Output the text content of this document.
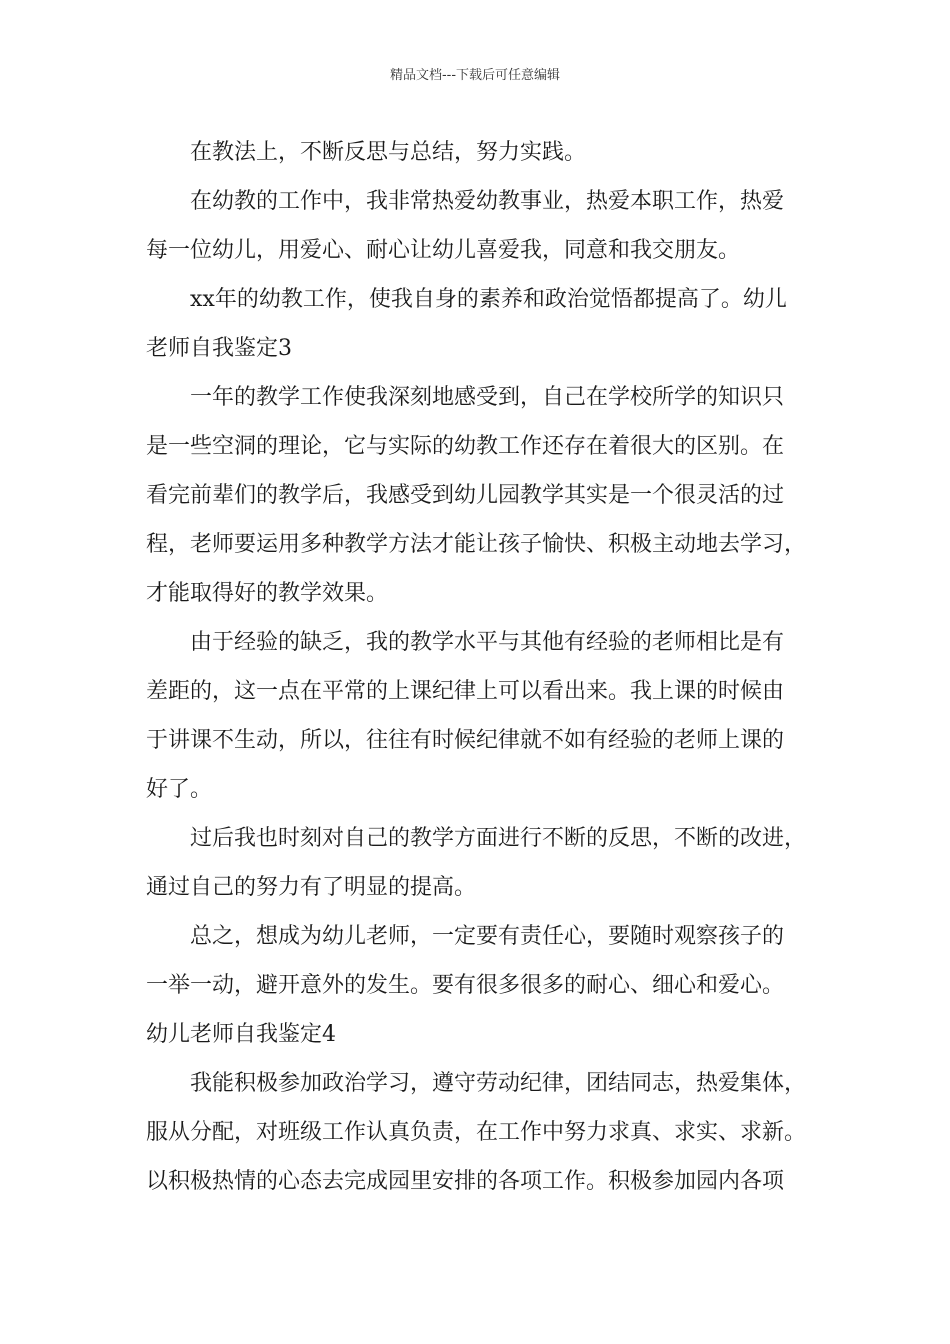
精品文档---下载后可任意编辑
在教法上，不断反思与总结，努力实践。
在幼教的工作中，我非常热爱幼教事业，热爱本职工作，热爱
每一位幼儿，用爱心、耐心让幼儿喜爱我，同意和我交朋友。
xx年的幼教工作，使我自身的素养和政治觉悟都提高了。幼儿
老师自我鉴定3
一年的教学工作使我深刻地感受到，自己在学校所学的知识只
是一些空洞的理论，它与实际的幼教工作还存在着很大的区别。在
看完前辈们的教学后，我感受到幼儿园教学其实是一个很灵活的过
程，老师要运用多种教学方法才能让孩子愉快、积极主动地去学习，
才能取得好的教学效果。
由于经验的缺乏，我的教学水平与其他有经验的老师相比是有
差距的，这一点在平常的上课纪律上可以看出来。我上课的时候由
于讲课不生动，所以，往往有时候纪律就不如有经验的老师上课的
好了。
过后我也时刻对自己的教学方面进行不断的反思，不断的改进，
通过自己的努力有了明显的提高。
总之，想成为幼儿老师，一定要有责任心，要随时观察孩子的
一举一动，避开意外的发生。要有很多很多的耐心、细心和爱心。
幼儿老师自我鉴定4
我能积极参加政治学习，遵守劳动纪律，团结同志，热爱集体，
服从分配，对班级工作认真负责，在工作中努力求真、求实、求新。
以积极热情的心态去完成园里安排的各项工作。积极参加园内各项
